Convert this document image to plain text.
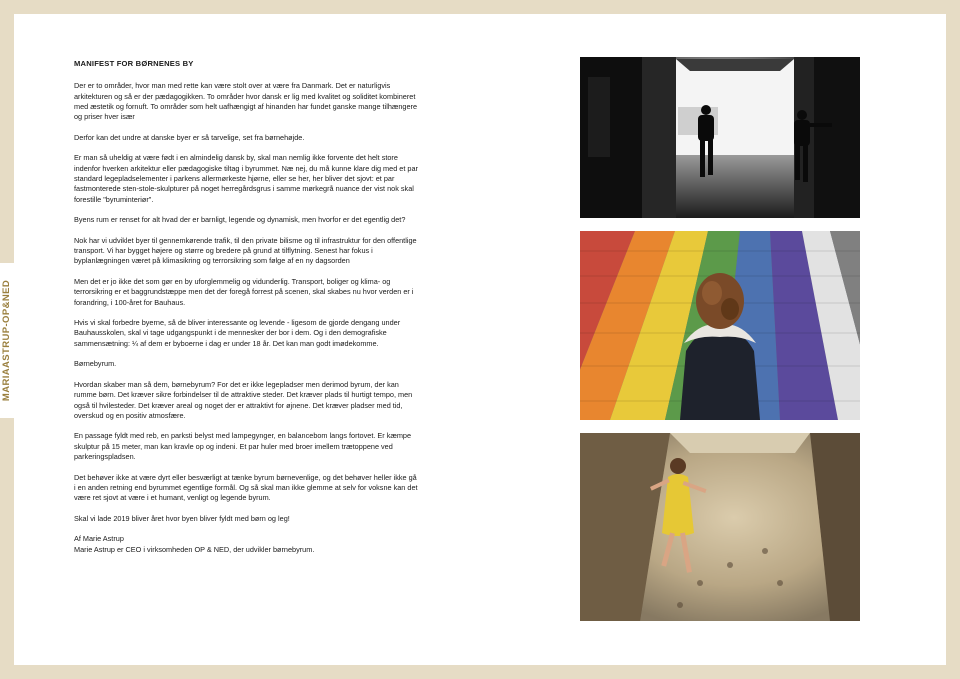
MARIAASTRUP-OP&NED
MANIFEST FOR BØRNENES BY

Der er to områder, hvor man med rette kan være stolt over at være fra Danmark. Det er naturligvis arkitekturen og så er der pædagogikken. To områder hvor dansk er lig med kvalitet og soliditet kombineret med æstetik og fornuft. To områder som helt uafhængigt af hinanden har fundet ganske mange tilhængere og priser hver især

Derfor kan det undre at danske byer er så tarvelige, set fra børnehøjde.

Er man så uheldig at være født i en almindelig dansk by, skal man nemlig ikke forvente det helt store indenfor hverken arkitektur eller pædagogiske tiltag i byrummet. Næ nej, du må kunne klare dig med et par standard legepladselementer i parkens allermørkeste hjørne, eller se her, her bliver det sjovt: et par fastmonterede sten-stole-skulpturer på noget herregårdsgrus i samme mørkegrå nuance der vist nok skal forestille "byruminteriør".

Byens rum er renset for alt hvad der er barnligt, legende og dynamisk, men hvorfor er det egentlig det?

Nok har vi udviklet byer til gennemkørende trafik, til den private bilisme og til infrastruktur for den offentlige transport. Vi har bygget højere og større og bredere på grund at tilflytning. Senest har fokus i byplanlægningen været på klimasikring og terrorsikring som følge af en ny dagsorden

Men det er jo ikke det som gør en by uforglemmelig og vidunderlig. Transport, boliger og klima- og terrorsikring er et baggrundstæppe men det der foregå forrest på scenen, skal skabes nu hvor verden er i forandring, i 100-året for Bauhaus.

Hvis vi skal forbedre byerne, så de bliver interessante og levende - ligesom de gjorde dengang under Bauhausskolen, skal vi tage udgangspunkt i de mennesker der bor i dem. Og i den demografiske sammensætning: ¼ af dem er byboerne i dag er under 18 år. Det kan man godt imødekomme.

Børnebyrum.

Hvordan skaber man så dem, børnebyrum? For det er ikke legepladser men derimod byrum, der kan rumme børn. Det kræver sikre forbindelser til de attraktive steder. Det kræver plads til hurtigt tempo, men også til hvilesteder. Det kræver areal og noget der er attraktivt for øjnene. Det kræver pladser med tid, overskud og en positiv atmosfære.

En passage fyldt med reb, en parksti belyst med lampegynger, en balancebom langs fortovet. Er kæmpe skulptur på 15 meter, man kan kravle op og indeni. Et par huler med broer imellem trætoppene ved parkeringspladsen.

Det behøver ikke at være dyrt eller besværligt at tænke byrum børnevenlige, og det behøver heller ikke gå i en anden retning end byrummet egentlige formål. Og så skal man ikke glemme at selv for voksne kan det være ret sjovt at være i et humant, venligt og legende byrum.

Skal vi lade 2019 bliver året hvor byen bliver fyldt med børn og leg!

Af Marie Astrup
Marie Astrup er CEO i virksomheden OP & NED, der udvikler børnebyrum.
